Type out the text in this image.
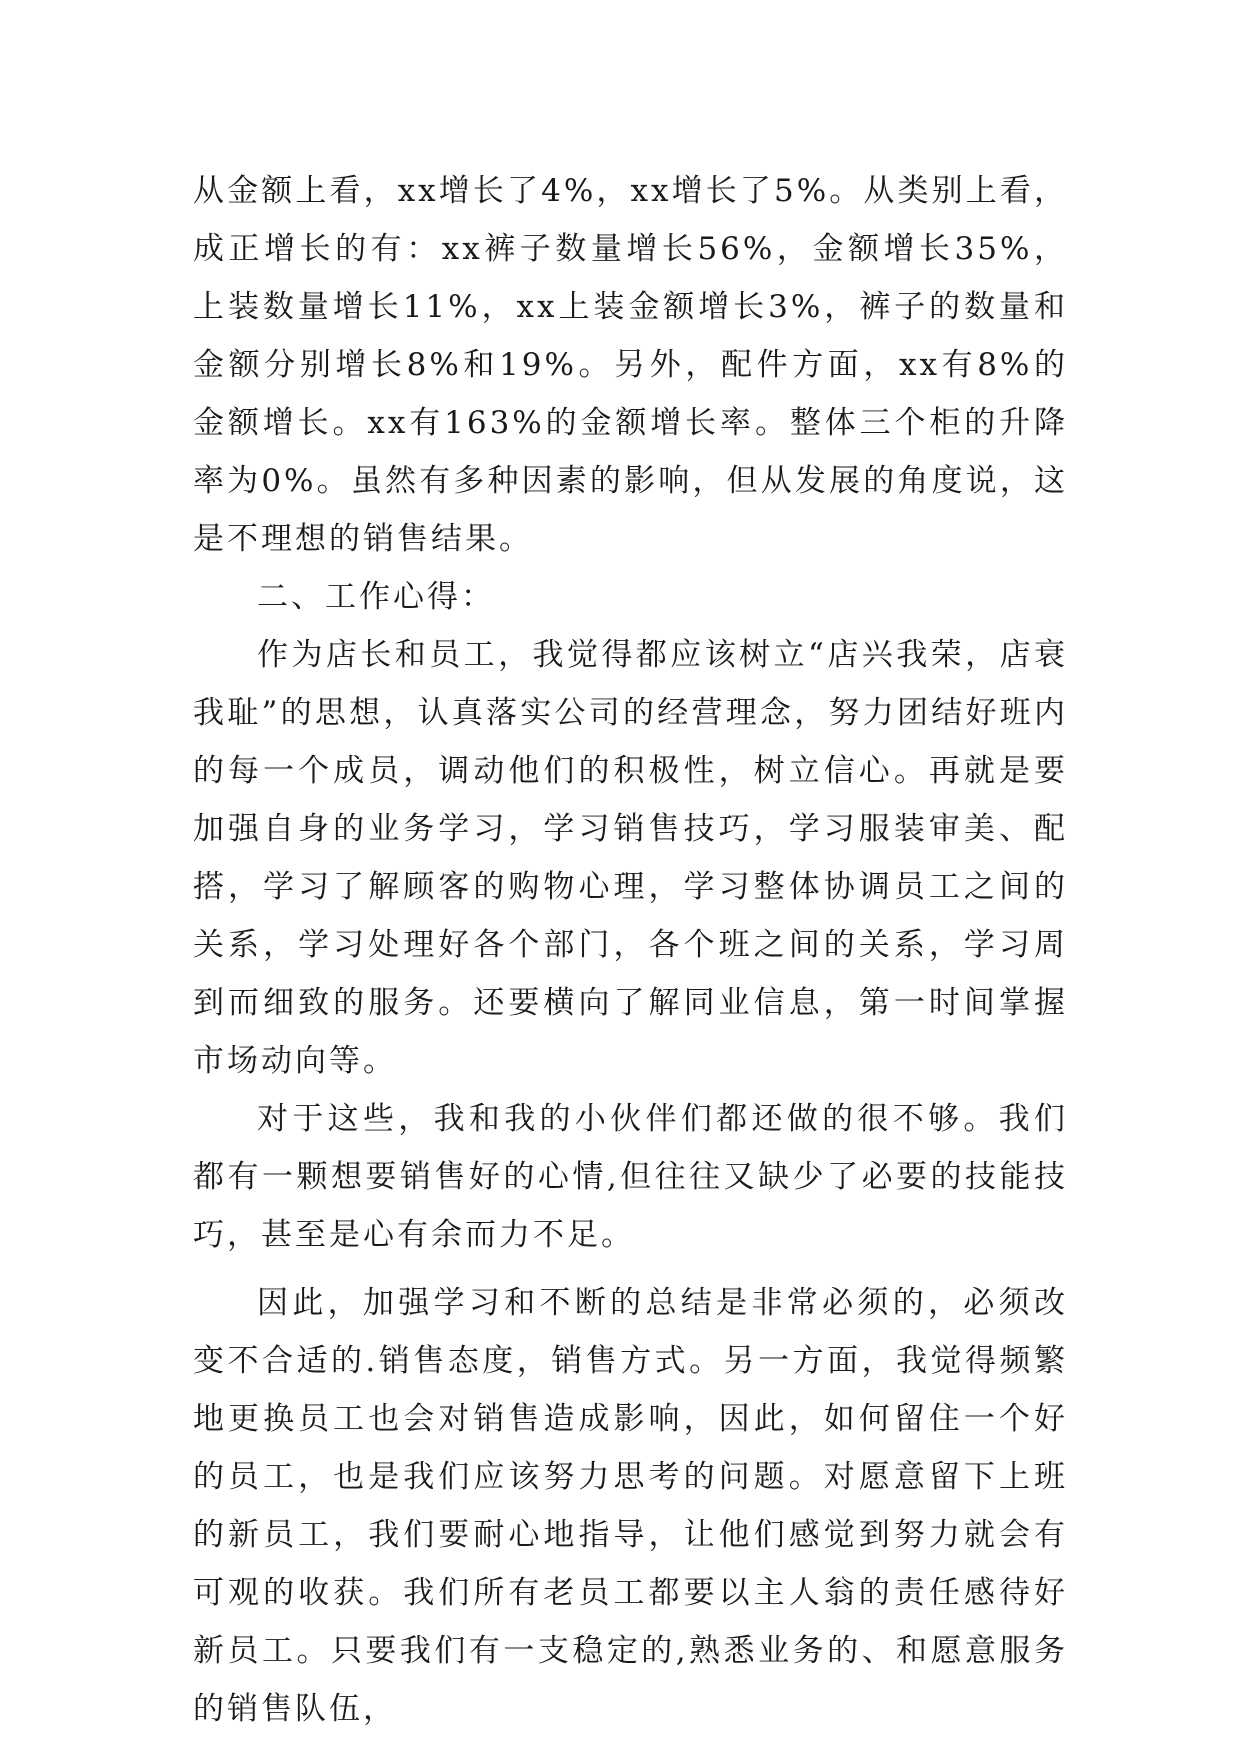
从金额上看，xx增长了4%，xx增长了5%。从类别上看，成正增长的有：xx裤子数量增长56%，金额增长35%，上装数量增长11%，xx上装金额增长3%，裤子的数量和金额分别增长8%和19%。另外，配件方面，xx有8%的金额增长。xx有163%的金额增长率。整体三个柜的升降率为0%。虽然有多种因素的影响，但从发展的角度说，这是不理想的销售结果。

二、工作心得：

作为店长和员工，我觉得都应该树立“店兴我荣，店衰我耻”的思想，认真落实公司的经营理念，努力团结好班内的每一个成员，调动他们的积极性，树立信心。再就是要加强自身的业务学习，学习销售技巧，学习服装审美、配搭，学习了解顾客的购物心理，学习整体协调员工之间的关系，学习处理好各个部门，各个班之间的关系，学习周到而细致的服务。还要横向了解同业信息，第一时间掌握市场动向等。

对于这些，我和我的小伙伴们都还做的很不够。我们都有一颗想要销售好的心情,但往往又缺少了必要的技能技巧，甚至是心有余而力不足。

因此，加强学习和不断的总结是非常必须的，必须改变不合适的.销售态度，销售方式。另一方面，我觉得频繁地更换员工也会对销售造成影响，因此，如何留住一个好的员工，也是我们应该努力思考的问题。对愿意留下上班的新员工，我们要耐心地指导，让他们感觉到努力就会有可观的收获。我们所有老员工都要以主人翁的责任感待好新员工。只要我们有一支稳定的,熟悉业务的、和愿意服务的销售队伍，
